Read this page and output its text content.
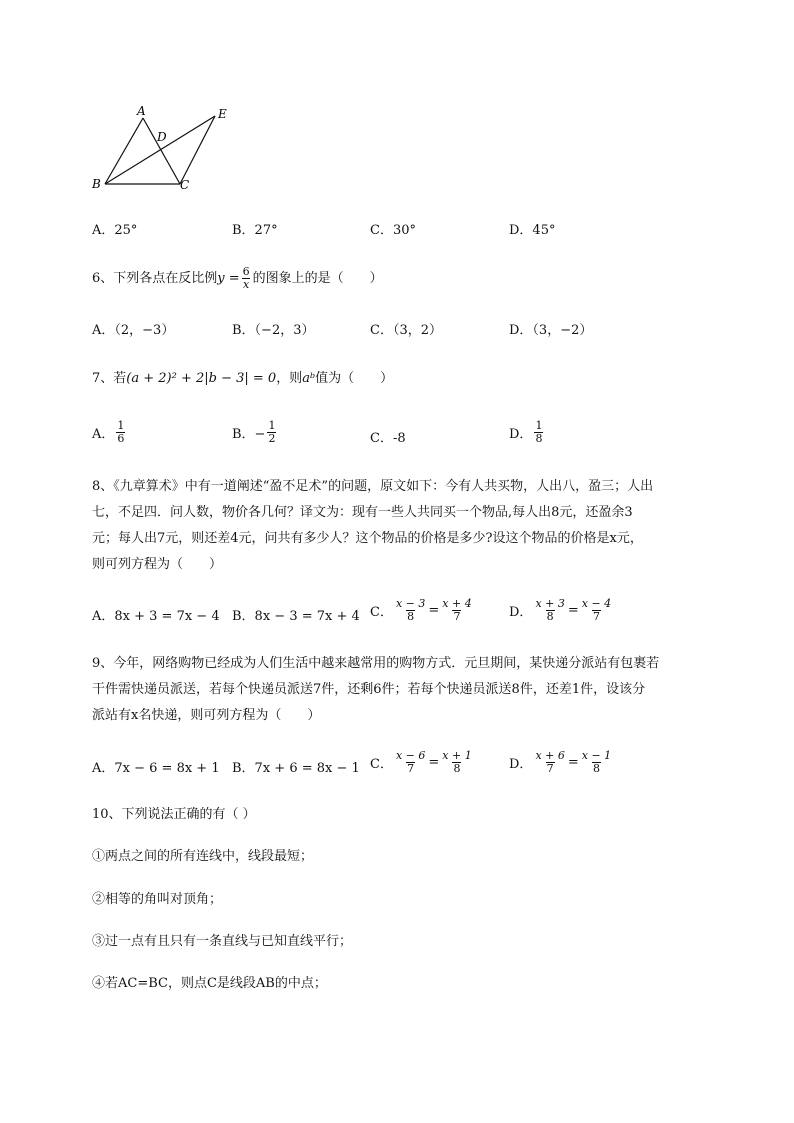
A
D
E
B	C
A．25°	B．27°	C．30°	D．45°
6、下列各点在反比例 $y = \frac{6}{x}$ 的图象上的是（　　）
A．（2，−3）	B．（−2，3）	C．（3，2）	D．（3，−2）
7、若 (a + 2)² + 2|b − 3| = 0 ，则 aᵇ 值为（　　）
A． $\frac{1}{6}$	B．− $\frac{1}{2}$	C．-8	D． $\frac{1}{8}$
8、《九章算术》中有一道阐述“盈不足术”的问题，原文如下：今有人共买物，人出八，盈三；人出
七，不足四．问人数，物价各几何？译文为：现有一些人共同买一个物品,每人出8元，还盈余3
元；每人出7元，则还差4元，问共有多少人？这个物品的价格是多少?设这个物品的价格是x元，
则可列方程为（　　）
A．8x + 3 = 7x − 4 B．8x − 3 = 7x + 4 C． $\frac{x - 3}{8} = \frac{x + 4}{7}$	D． $\frac{x + 3}{8} = \frac{x - 4}{7}$
9、今年，网络购物已经成为人们生活中越来越常用的购物方式．元旦期间，某快递分派站有包裹若
干件需快递员派送，若每个快递员派送7件，还剩6件；若每个快递员派送8件，还差1件，设该分
派站有x名快递，则可列方程为（　　）
A．7x − 6 = 8x + 1 B．7x + 6 = 8x − 1 C． $\frac{x - 6}{7} = \frac{x + 1}{8}$	D． $\frac{x + 6}{7} = \frac{x - 1}{8}$
10、下列说法正确的有（ ）
①两点之间的所有连线中，线段最短；
②相等的角叫对顶角；
③过一点有且只有一条直线与已知直线平行；
④若AC=BC，则点C是线段AB的中点；
